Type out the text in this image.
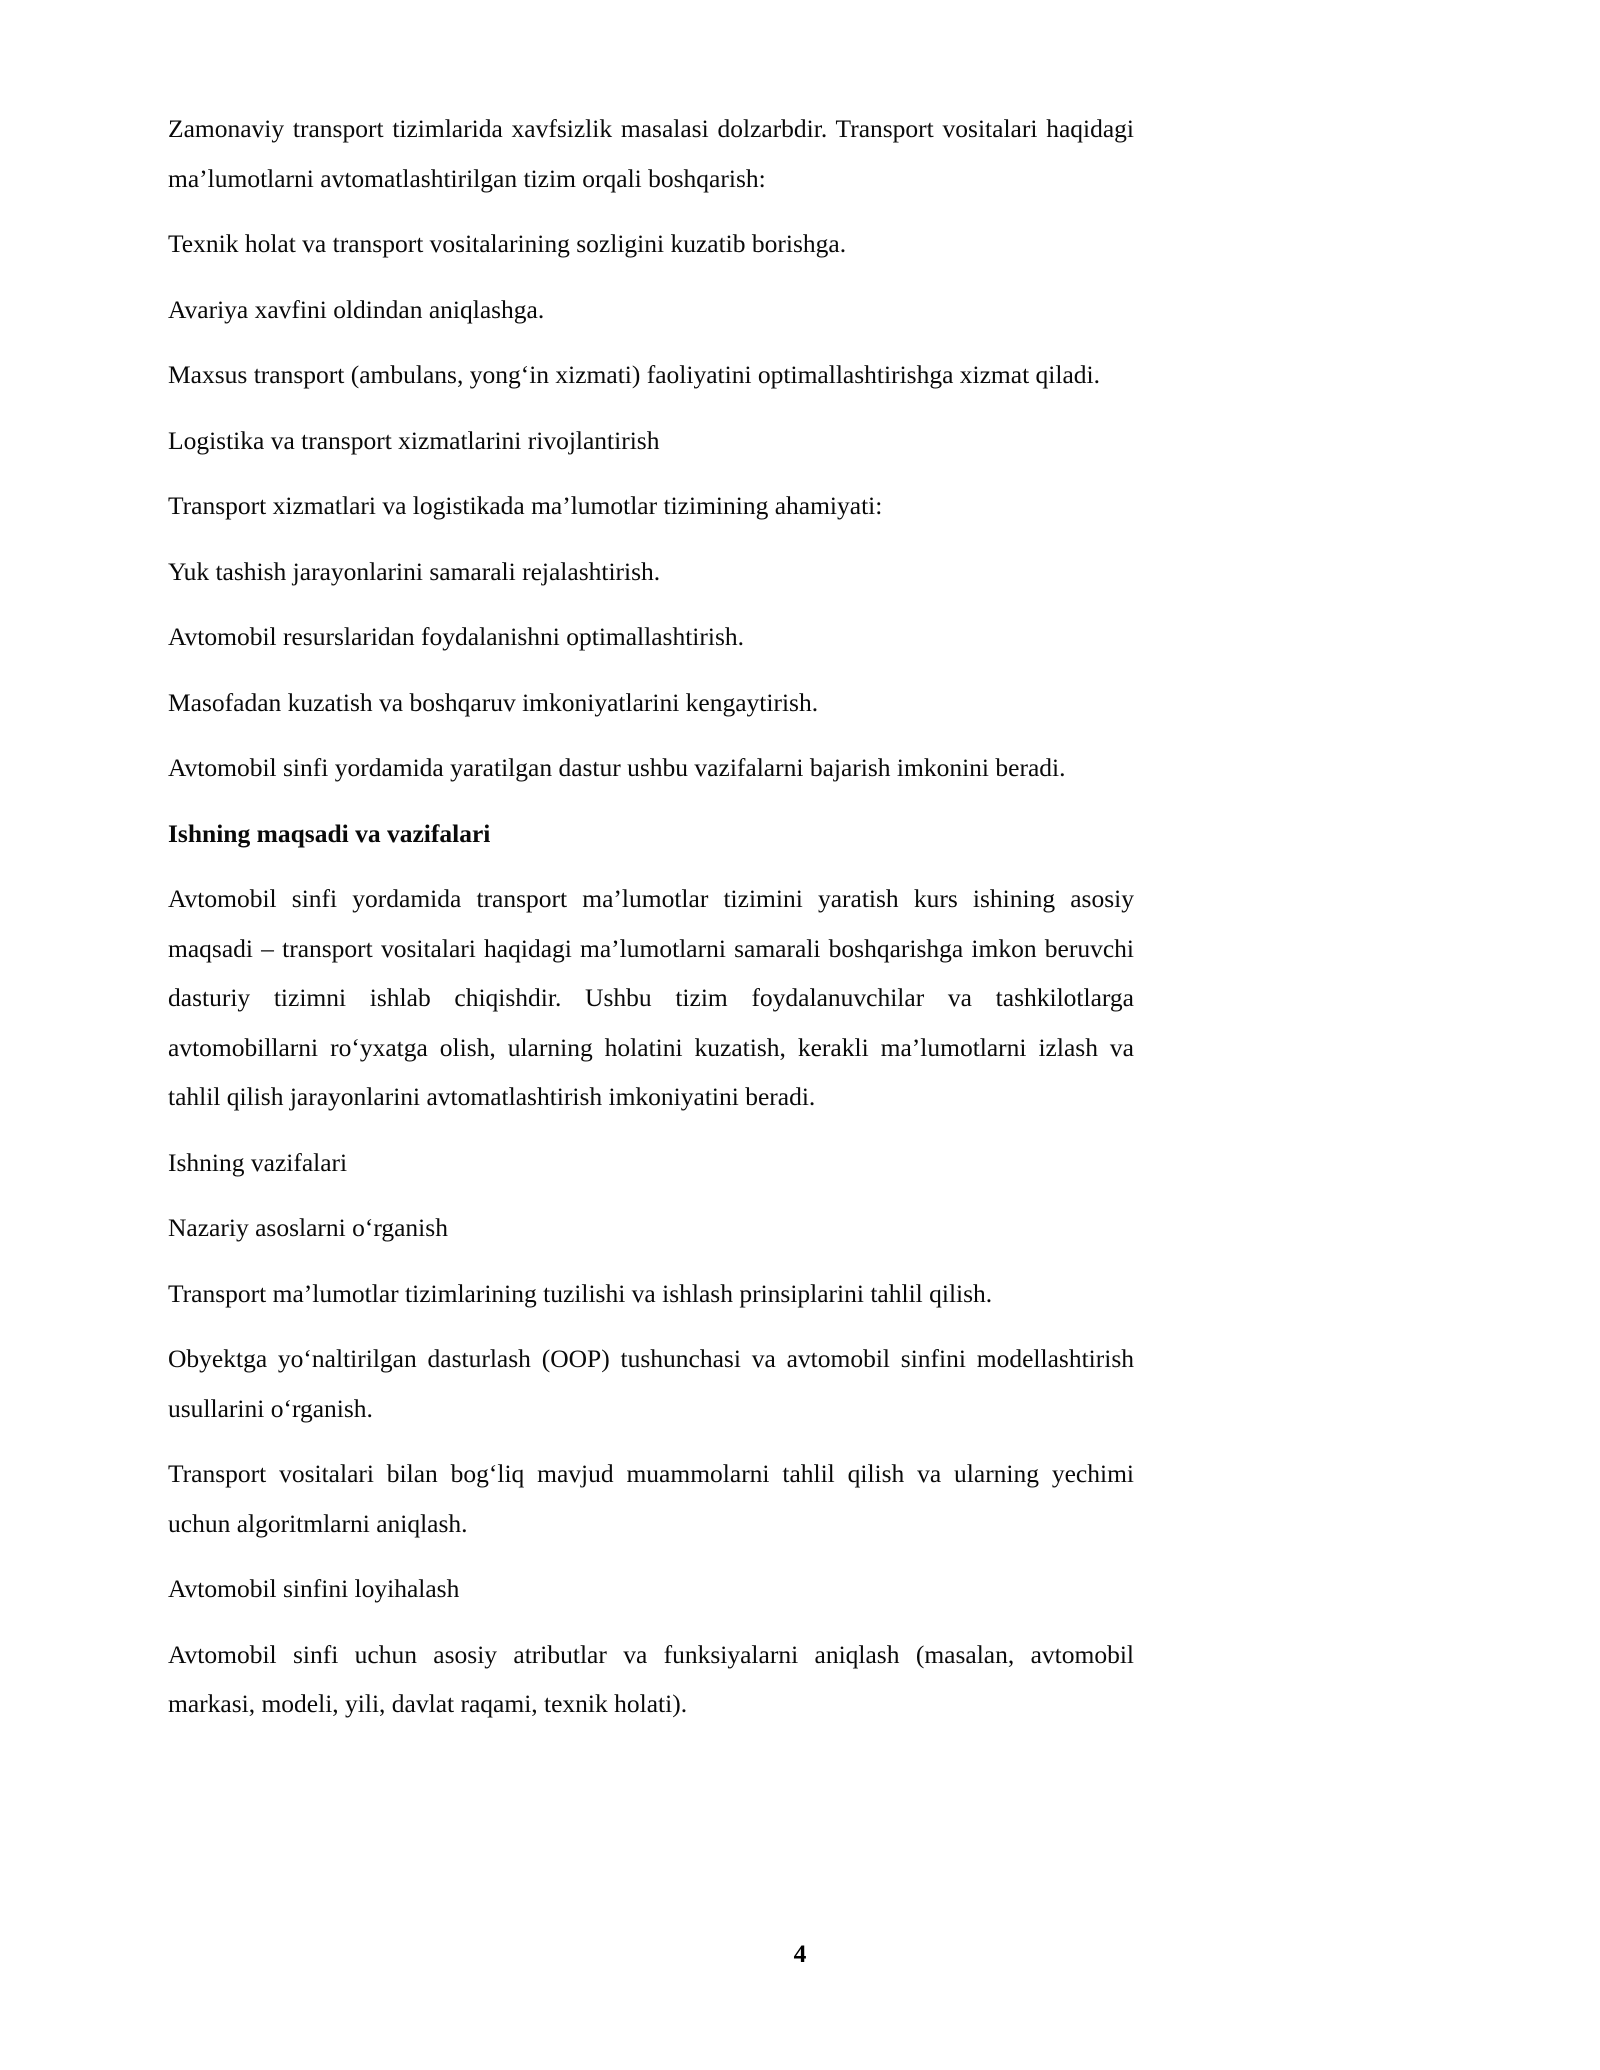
Zamonaviy transport tizimlarida xavfsizlik masalasi dolzarbdir. Transport vositalari haqidagi ma’lumotlarni avtomatlashtirilgan tizim orqali boshqarish:

Texnik holat va transport vositalarining sozligini kuzatib borishga.

Avariya xavfini oldindan aniqlashga.

Maxsus transport (ambulans, yong‘in xizmati) faoliyatini optimallashtirishga xizmat qiladi.

Logistika va transport xizmatlarini rivojlantirish

Transport xizmatlari va logistikada ma’lumotlar tizimining ahamiyati:

Yuk tashish jarayonlarini samarali rejalashtirish.

Avtomobil resurslaridan foydalanishni optimallashtirish.

Masofadan kuzatish va boshqaruv imkoniyatlarini kengaytirish.

Avtomobil sinfi yordamida yaratilgan dastur ushbu vazifalarni bajarish imkonini beradi.

Ishning maqsadi va vazifalari

Avtomobil sinfi yordamida transport ma’lumotlar tizimini yaratish kurs ishining asosiy maqsadi – transport vositalari haqidagi ma’lumotlarni samarali boshqarishga imkon beruvchi dasturiy tizimni ishlab chiqishdir. Ushbu tizim foydalanuvchilar va tashkilotlarga avtomobillarni ro‘yxatga olish, ularning holatini kuzatish, kerakli ma’lumotlarni izlash va tahlil qilish jarayonlarini avtomatlashtirish imkoniyatini beradi.

Ishning vazifalari

Nazariy asoslarni o‘rganish

Transport ma’lumotlar tizimlarining tuzilishi va ishlash prinsiplarini tahlil qilish.

Obyektga yo‘naltirilgan dasturlash (OOP) tushunchasi va avtomobil sinfini modellashtirish usullarini o‘rganish.

Transport vositalari bilan bog‘liq mavjud muammolarni tahlil qilish va ularning yechimi uchun algoritmlarni aniqlash.

Avtomobil sinfini loyihalash

Avtomobil sinfi uchun asosiy atributlar va funksiyalarni aniqlash (masalan, avtomobil markasi, modeli, yili, davlat raqami, texnik holati).

4
